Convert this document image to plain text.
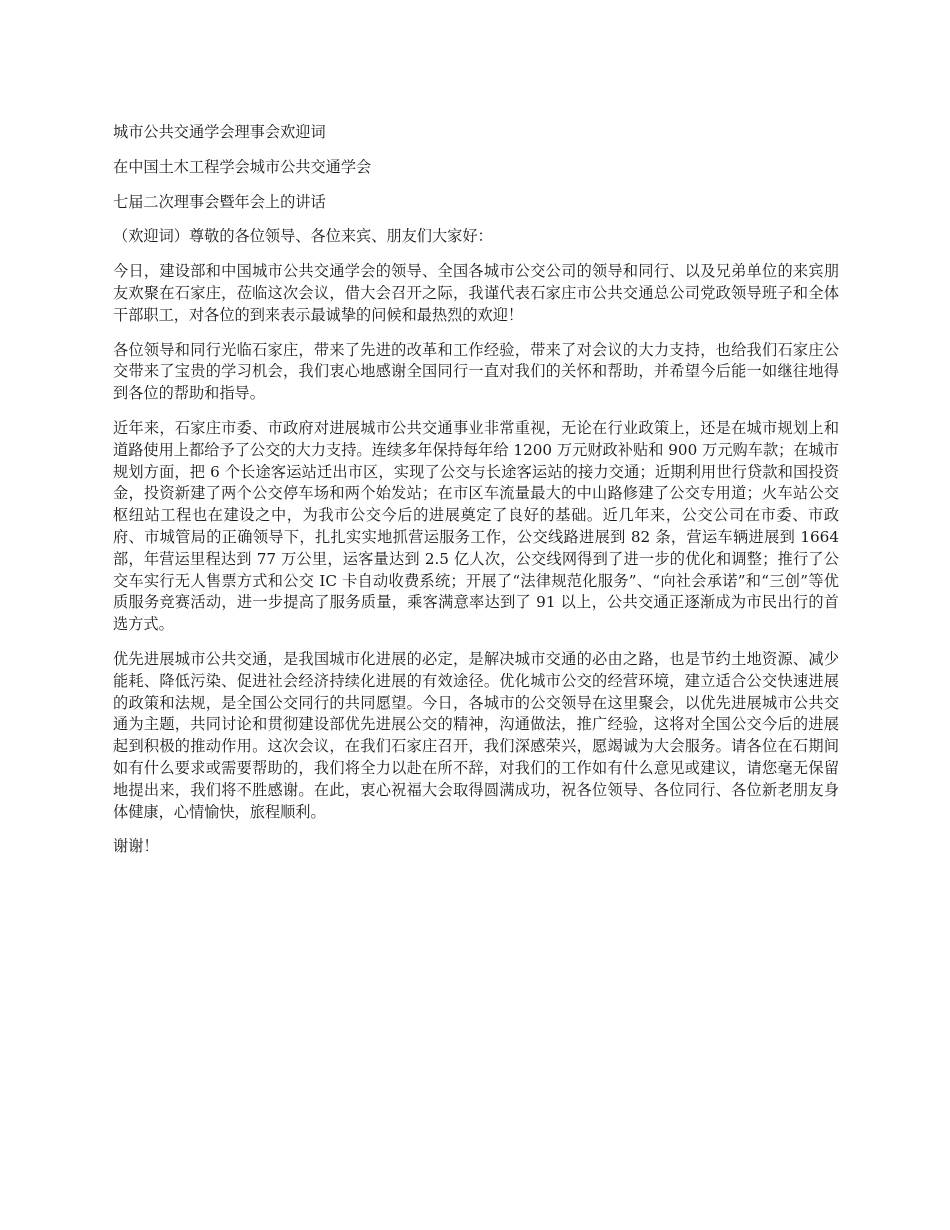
城市公共交通学会理事会欢迎词
在中国土木工程学会城市公共交通学会
七届二次理事会暨年会上的讲话
（欢迎词）尊敬的各位领导、各位来宾、朋友们大家好：

今日，建设部和中国城市公共交通学会的领导、全国各城市公交公司的领导和同行、以及兄弟单位的来宾朋友欢聚在石家庄，莅临这次会议，借大会召开之际，我谨代表石家庄市公共交通总公司党政领导班子和全体干部职工，对各位的到来表示最诚挚的问候和最热烈的欢迎！

各位领导和同行光临石家庄，带来了先进的改革和工作经验，带来了对会议的大力支持，也给我们石家庄公交带来了宝贵的学习机会，我们衷心地感谢全国同行一直对我们的关怀和帮助，并希望今后能一如继往地得到各位的帮助和指导。

近年来，石家庄市委、市政府对进展城市公共交通事业非常重视，无论在行业政策上，还是在城市规划上和道路使用上都给予了公交的大力支持。连续多年保持每年给 1200 万元财政补贴和 900 万元购车款；在城市规划方面，把 6 个长途客运站迁出市区，实现了公交与长途客运站的接力交通；近期利用世行贷款和国投资金，投资新建了两个公交停车场和两个始发站；在市区车流量最大的中山路修建了公交专用道；火车站公交枢纽站工程也在建设之中，为我市公交今后的进展奠定了良好的基础。近几年来，公交公司在市委、市政府、市城管局的正确领导下，扎扎实实地抓营运服务工作，公交线路进展到 82 条，营运车辆进展到 1664 部，年营运里程达到 77 万公里，运客量达到 2.5 亿人次，公交线网得到了进一步的优化和调整；推行了公交车实行无人售票方式和公交 IC 卡自动收费系统；开展了“法律规范化服务”、“向社会承诺”和“三创”等优质服务竞赛活动，进一步提高了服务质量，乘客满意率达到了 91 以上，公共交通正逐渐成为市民出行的首选方式。

优先进展城市公共交通，是我国城市化进展的必定，是解决城市交通的必由之路，也是节约土地资源、减少能耗、降低污染、促进社会经济持续化进展的有效途径。优化城市公交的经营环境，建立适合公交快速进展的政策和法规，是全国公交同行的共同愿望。今日，各城市的公交领导在这里聚会，以优先进展城市公共交通为主题，共同讨论和贯彻建设部优先进展公交的精神，沟通做法，推广经验，这将对全国公交今后的进展起到积极的推动作用。这次会议，在我们石家庄召开，我们深感荣兴，愿竭诚为大会服务。请各位在石期间如有什么要求或需要帮助的，我们将全力以赴在所不辞，对我们的工作如有什么意见或建议，请您毫无保留地提出来，我们将不胜感谢。在此，衷心祝福大会取得圆满成功，祝各位领导、各位同行、各位新老朋友身体健康，心情愉快，旅程顺利。

谢谢！
